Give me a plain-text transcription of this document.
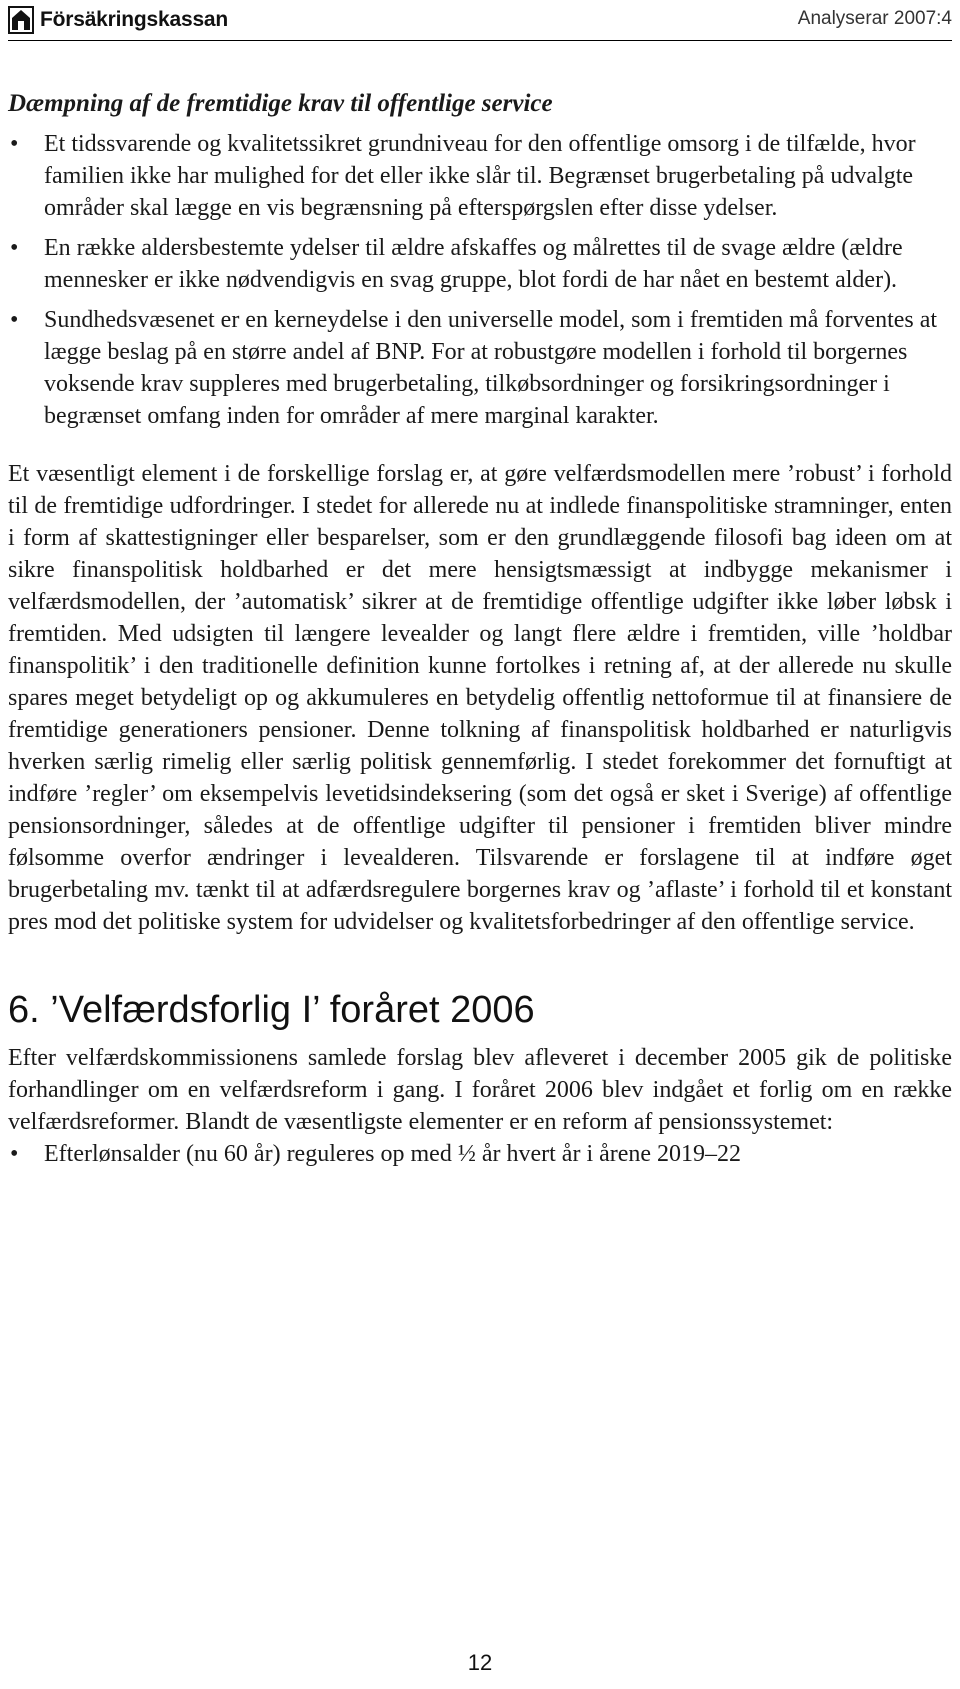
Försäkringskassan	Analyserar 2007:4
Dæmpning af de fremtidige krav til offentlige service
• Et tidssvarende og kvalitetssikret grundniveau for den offentlige omsorg i de tilfælde, hvor familien ikke har mulighed for det eller ikke slår til. Begrænset brugerbetaling på udvalgte områder skal lægge en vis begrænsning på efterspørgslen efter disse ydelser.
• En række aldersbestemte ydelser til ældre afskaffes og målrettes til de svage ældre (ældre mennesker er ikke nødvendigvis en svag gruppe, blot fordi de har nået en bestemt alder).
• Sundhedsvæsenet er en kerneydelse i den universelle model, som i fremtiden må forventes at lægge beslag på en større andel af BNP. For at robustgøre modellen i forhold til borgernes voksende krav suppleres med brugerbetaling, tilkøbsordninger og forsikringsordninger i begrænset omfang inden for områder af mere marginal karakter.

Et væsentligt element i de forskellige forslag er, at gøre velfærdsmodellen mere ’robust’ i forhold til de fremtidige udfordringer. I stedet for allerede nu at indlede finanspolitiske stramninger, enten i form af skattestigninger eller besparelser, som er den grundlæggende filosofi bag ideen om at sikre finanspolitisk holdbarhed er det mere hensigtsmæssigt at indbygge mekanismer i velfærdsmodellen, der ’automatisk’ sikrer at de fremtidige offentlige udgifter ikke løber løbsk i fremtiden. Med udsigten til længere levealder og langt flere ældre i fremtiden, ville ’holdbar finanspolitik’ i den traditionelle definition kunne fortolkes i retning af, at der allerede nu skulle spares meget betydeligt op og akkumuleres en betydelig offentlig nettoformue til at finansiere de fremtidige generationers pensioner. Denne tolkning af finanspolitisk holdbarhed er naturligvis hverken særlig rimelig eller særlig politisk gennemførlig. I stedet forekommer det fornuftigt at indføre ’regler’ om eksempelvis levetidsindeksering (som det også er sket i Sverige) af offentlige pensionsordninger, således at de offentlige udgifter til pensioner i fremtiden bliver mindre følsomme overfor ændringer i levealderen. Tilsvarende er forslagene til at indføre øget brugerbetaling mv. tænkt til at adfærdsregulere borgernes krav og ’aflaste’ i forhold til et konstant pres mod det politiske system for udvidelser og kvalitetsforbedringer af den offentlige service.

6. ’Velfærdsforlig I’ foråret 2006

Efter velfærdskommissionens samlede forslag blev afleveret i december 2005 gik de politiske forhandlinger om en velfærdsreform i gang. I foråret 2006 blev indgået et forlig om en række velfærdsreformer. Blandt de væsentligste elementer er en reform af pensionssystemet:

• Efterlønsalder (nu 60 år) reguleres op med ½ år hvert år i årene 2019–22
12
